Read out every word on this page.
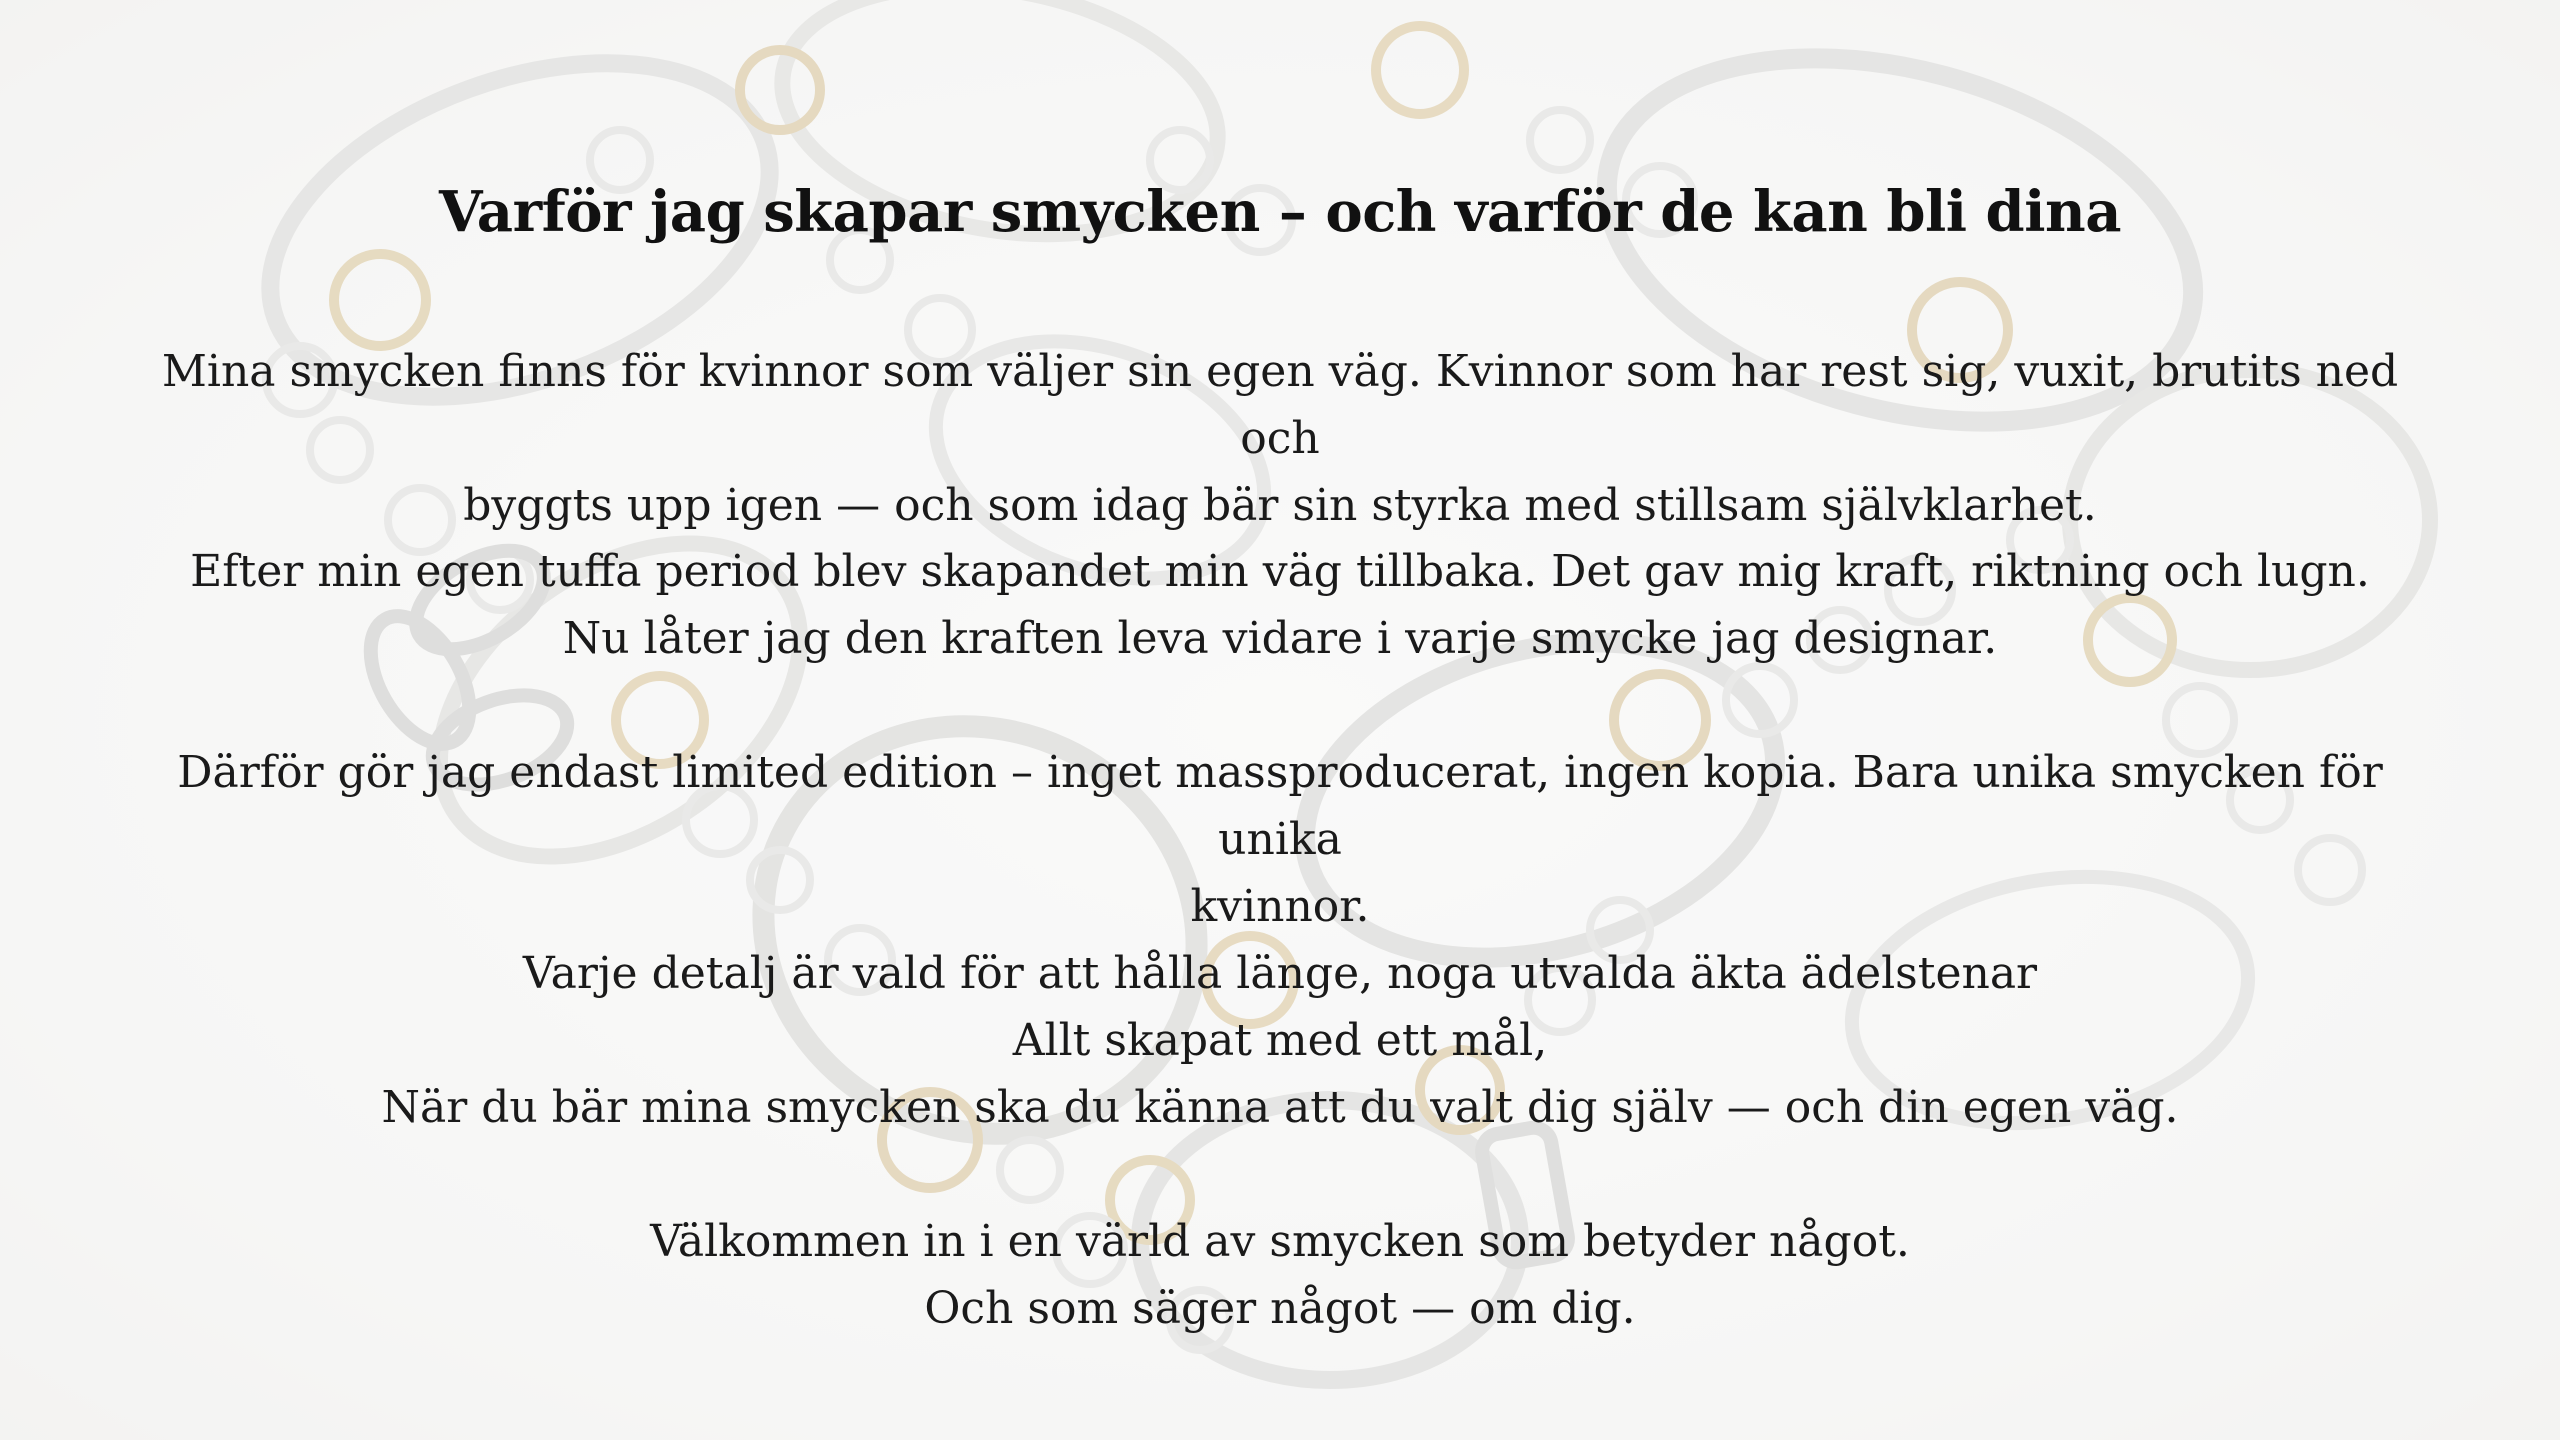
Varför jag skapar smycken – och varför de kan bli dina

Mina smycken finns för kvinnor som väljer sin egen väg. Kvinnor som har rest sig, vuxit, brutits ned och
byggts upp igen — och som idag bär sin styrka med stillsam självklarhet.

Efter min egen tuffa period blev skapandet min väg tillbaka. Det gav mig kraft, riktning och lugn.
Nu låter jag den kraften leva vidare i varje smycke jag designar.

Därför gör jag endast limited edition – inget massproducerat, ingen kopia. Bara unika smycken för unika
kvinnor.

Varje detalj är vald för att hålla länge, noga utvalda äkta ädelstenar
Allt skapat med ett mål,
När du bär mina smycken ska du känna att du valt dig själv — och din egen väg.

Välkommen in i en värld av smycken som betyder något.
Och som säger något — om dig.
